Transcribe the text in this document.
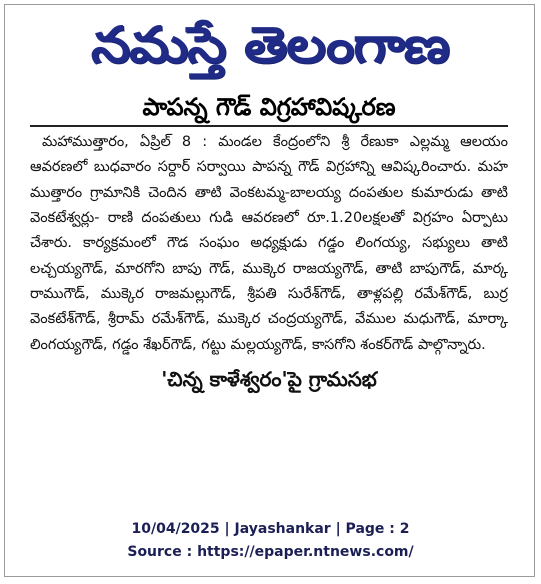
నమస్తే తెలంగాణ
పాపన్న గౌడ్ విగ్రహావిష్కరణ

మహాముత్తారం, ఏప్రిల్ 8 : మండల కేంద్రంలోని శ్రీ రేణుకా ఎల్లమ్మ ఆలయం ఆవరణలో బుధవారం సర్దార్ సర్వాయి పాపన్న గౌడ్ విగ్రహాన్ని ఆవిష్కరించారు. మహ ముత్తారం గ్రామానికి చెందిన తాటి వెంకటమ్మ-బాలయ్య దంపతుల కుమారుడు తాటి వెంకటేశ్వర్లు- రాణి దంపతులు గుడి ఆవరణలో రూ.1.20లక్షలతో విగ్రహం ఏర్పాటు చేశారు. కార్యక్రమంలో గౌడ సంఘం అధ్యక్షుడు గడ్డం లింగయ్య, సభ్యులు తాటి లచ్చయ్యగౌడ్, మారగోని బాపు గౌడ్, ముక్కెర రాజయ్యగౌడ్, తాటి బాపుగౌడ్, మార్క రాముగౌడ్, ముక్కెర రాజమల్లుగౌడ్, శ్రీపతి సురేశ్‌గౌడ్, తాళ్లపల్లి రమేశ్‌గౌడ్, బుర్ర వెంకటేశ్‌గౌడ్, శ్రీరామ్ రమేశ్‌గౌడ్, ముక్కెర చంద్రయ్యగౌడ్, వేముల మధుగౌడ్, మార్కా లింగయ్యగౌడ్, గడ్డం శేఖర్‌గౌడ్, గట్టు మల్లయ్యగౌడ్, కాసగోని శంకర్‌గౌడ్ పాల్గొన్నారు.

'చిన్న కాళేశ్వరం'పై గ్రామసభ
10/04/2025 | Jayashankar | Page : 2
Source : https://epaper.ntnews.com/
